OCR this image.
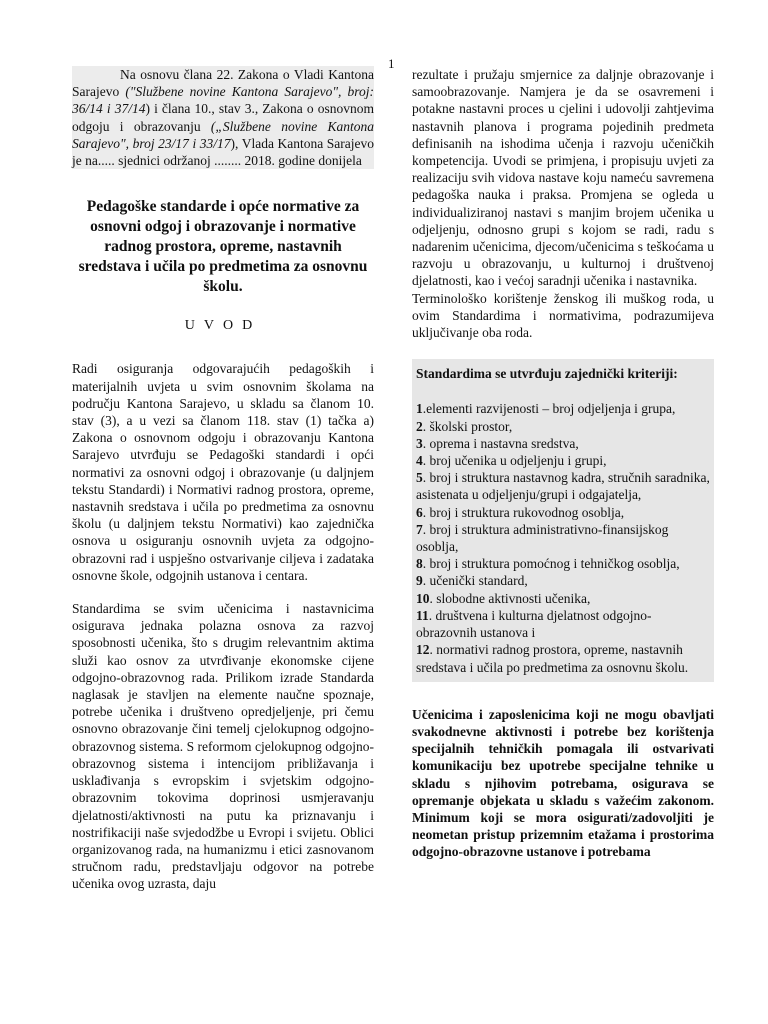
1

Na osnovu člana 22. Zakona o Vladi Kantona Sarajevo ("Službene novine Kantona Sarajevo", broj: 36/14 i 37/14) i člana 10., stav 3., Zakona o osnovnom odgoju i obrazovanju („Službene novine Kantona Sarajevo", broj 23/17 i 33/17), Vlada Kantona Sarajevo je na..... sjednici održanoj ........ 2018. godine donijela

Pedagoške standarde i opće normative za osnovni odgoj i obrazovanje i normative radnog prostora, opreme, nastavnih sredstava i učila po predmetima za osnovnu školu.
UVOD

Radi osiguranja odgovarajućih pedagoških i materijalnih uvjeta u svim osnovnim školama na području Kantona Sarajevo, u skladu sa članom 10. stav (3), a u vezi sa članom 118. stav (1) tačka a) Zakona o osnovnom odgoju i obrazovanju Kantona Sarajevo utvrđuju se Pedagoški standardi i opći normativi za osnovni odgoj i obrazovanje (u daljnjem tekstu Standardi) i Normativi radnog prostora, opreme, nastavnih sredstava i učila po predmetima za osnovnu školu (u daljnjem tekstu Normativi) kao zajednička osnova u osiguranju osnovnih uvjeta za odgojno-obrazovni rad i uspješno ostvarivanje ciljeva i zadataka osnovne škole, odgojnih ustanova i centara.

Standardima se svim učenicima i nastavnicima osigurava jednaka polazna osnova za razvoj sposobnosti učenika, što s drugim relevantnim aktima služi kao osnov za utvrđivanje ekonomske cijene odgojno-obrazovnog rada. Prilikom izrade Standarda naglasak je stavljen na elemente naučne spoznaje, potrebe učenika i društveno opredjeljenje, pri čemu osnovno obrazovanje čini temelj cjelokupnog odgojno-obrazovnog sistema. S reformom cjelokupnog odgojno-obrazovnog sistema i intencijom približavanja i usklađivanja s evropskim i svjetskim odgojno-obrazovnim tokovima doprinosi usmjeravanju djelatnosti/aktivnosti na putu ka priznavanju i nostrifikaciji naše svjedodžbe u Evropi i svijetu. Oblici organizovanog rada, na humanizmu i etici zasnovanom stručnom radu, predstavljaju odgovor na potrebe učenika ovog uzrasta, daju

rezultate i pružaju smjernice za daljnje obrazovanje i samoobrazovanje. Namjera je da se osavremeni i potakne nastavni proces u cjelini i udovolji zahtjevima nastavnih planova i programa pojedinih predmeta definisanih na ishodima učenja i razvoju učeničkih kompetencija. Uvodi se primjena, i propisuju uvjeti za realizaciju svih vidova nastave koju nameću savremena pedagoška nauka i praksa. Promjena se ogleda u individualiziranoj nastavi s manjim brojem učenika u odjeljenju, odnosno grupi s kojom se radi, radu s nadarenim učenicima, djecom/učenicima s teškoćama u razvoju u obrazovanju, u kulturnoj i društvenoj djelatnosti, kao i većoj saradnji učenika i nastavnika.

Terminološko korištenje ženskog ili muškog roda, u ovim Standardima i normativima, podrazumijeva uključivanje oba roda.

Standardima se utvrđuju zajednički kriteriji:

1.elementi razvijenosti – broj odjeljenja i grupa,

2. školski prostor,

3. oprema i nastavna sredstva,

4. broj učenika u odjeljenju i grupi,

5. broj i struktura nastavnog kadra, stručnih saradnika, asistenata u odjeljenju/grupi i odgajatelja,

6. broj i struktura rukovodnog osoblja,

7. broj i struktura administrativno-finansijskog osoblja,

8. broj i struktura pomoćnog i tehničkog osoblja,

9. učenički standard,

10. slobodne aktivnosti učenika,

11. društvena i kulturna djelatnost odgojno-obrazovnih ustanova i

12. normativi radnog prostora, opreme, nastavnih sredstava i učila po predmetima za osnovnu školu.

Učenicima i zaposlenicima koji ne mogu obavljati svakodnevne aktivnosti i potrebe bez korištenja specijalnih tehničkih pomagala ili ostvarivati komunikaciju bez upotrebe specijalne tehnike u skladu s njihovim potrebama, osigurava se opremanje objekata u skladu s važećim zakonom. Minimum koji se mora osigurati/zadovoljiti je neometan pristup prizemnim etažama i prostorima odgojno-obrazovne ustanove i potrebama
